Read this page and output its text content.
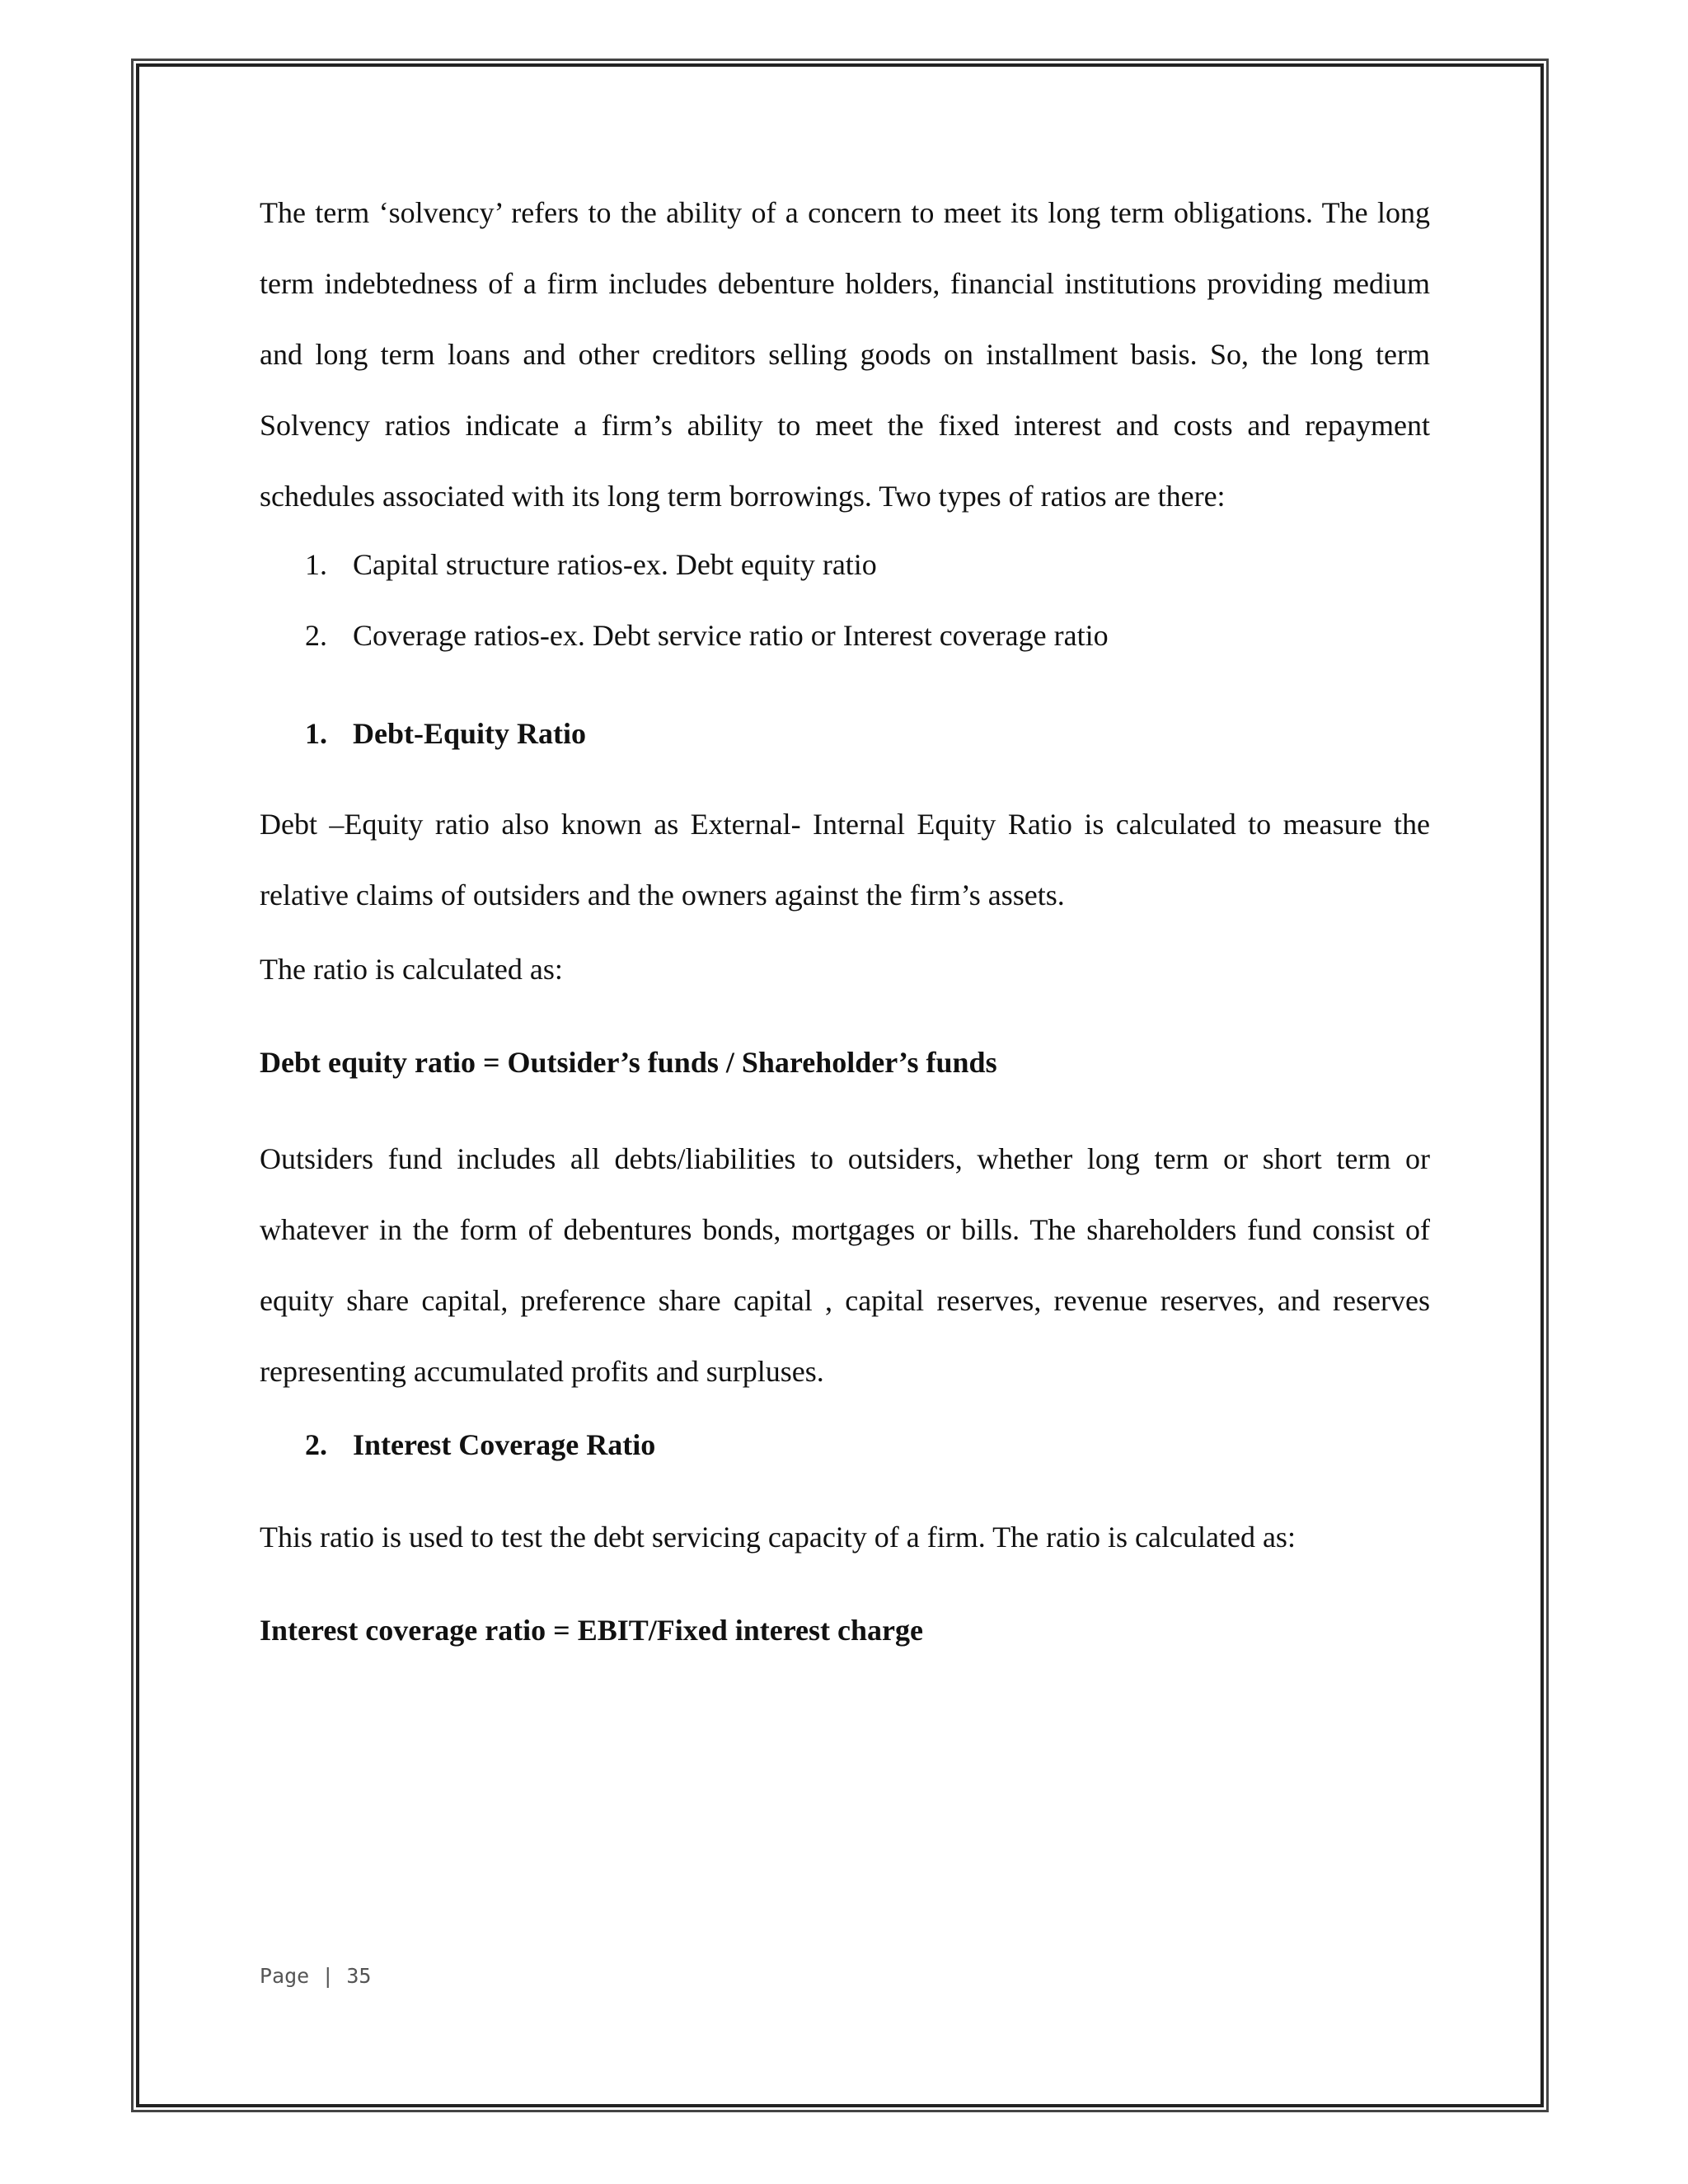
The term ‘solvency’ refers to the ability of a concern to meet its long term obligations. The long term indebtedness of a firm includes debenture holders, financial institutions providing medium and long term loans and other creditors selling goods on installment basis. So, the long term Solvency ratios indicate a firm’s ability to meet the fixed interest and costs and repayment schedules associated with its long term borrowings. Two types of ratios are there:

1. Capital structure ratios-ex. Debt equity ratio
2. Coverage ratios-ex. Debt service ratio or Interest coverage ratio
1. Debt-Equity Ratio

Debt –Equity ratio also known as External- Internal Equity Ratio is calculated to measure the relative claims of outsiders and the owners against the firm’s assets.

The ratio is calculated as:

Debt equity ratio = Outsider’s funds / Shareholder’s funds

Outsiders fund includes all debts/liabilities to outsiders, whether long term or short term or whatever in the form of debentures bonds, mortgages or bills. The shareholders fund consist of equity share capital, preference share capital , capital reserves, revenue reserves, and reserves representing accumulated profits and surpluses.

2. Interest Coverage Ratio

This ratio is used to test the debt servicing capacity of a firm. The ratio is calculated as:

Interest coverage ratio = EBIT/Fixed interest charge
Page | 35
